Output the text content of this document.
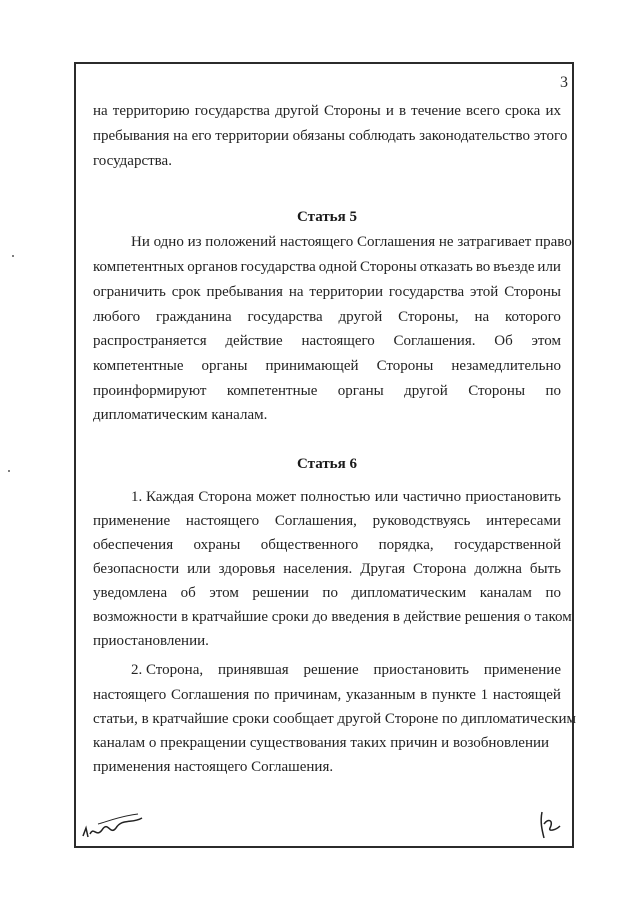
3
Статья 5
Статья 6
на территорию государства другой Стороны и в течение всего срока их
пребывания на его территории обязаны соблюдать законодательство этого
государства.
Ни одно из положений настоящего Соглашения не затрагивает право
компетентных органов государства одной Стороны отказать во въезде или
ограничить срок пребывания на территории государства этой Стороны
любого гражданина государства другой Стороны, на которого
распространяется действие настоящего Соглашения. Об этом
компетентные органы принимающей Стороны незамедлительно
проинформируют компетентные органы другой Стороны по
дипломатическим каналам.
1. Каждая Сторона может полностью или частично приостановить
применение настоящего Соглашения, руководствуясь интересами
обеспечения охраны общественного порядка, государственной
безопасности или здоровья населения. Другая Сторона должна быть
уведомлена об этом решении по дипломатическим каналам по
возможности в кратчайшие сроки до введения в действие решения о таком
приостановлении.
2. Сторона, принявшая решение приостановить применение
настоящего Соглашения по причинам, указанным в пункте 1 настоящей
статьи, в кратчайшие сроки сообщает другой Стороне по дипломатическим
каналам о прекращении существования таких причин и возобновлении
применения настоящего Соглашения.
